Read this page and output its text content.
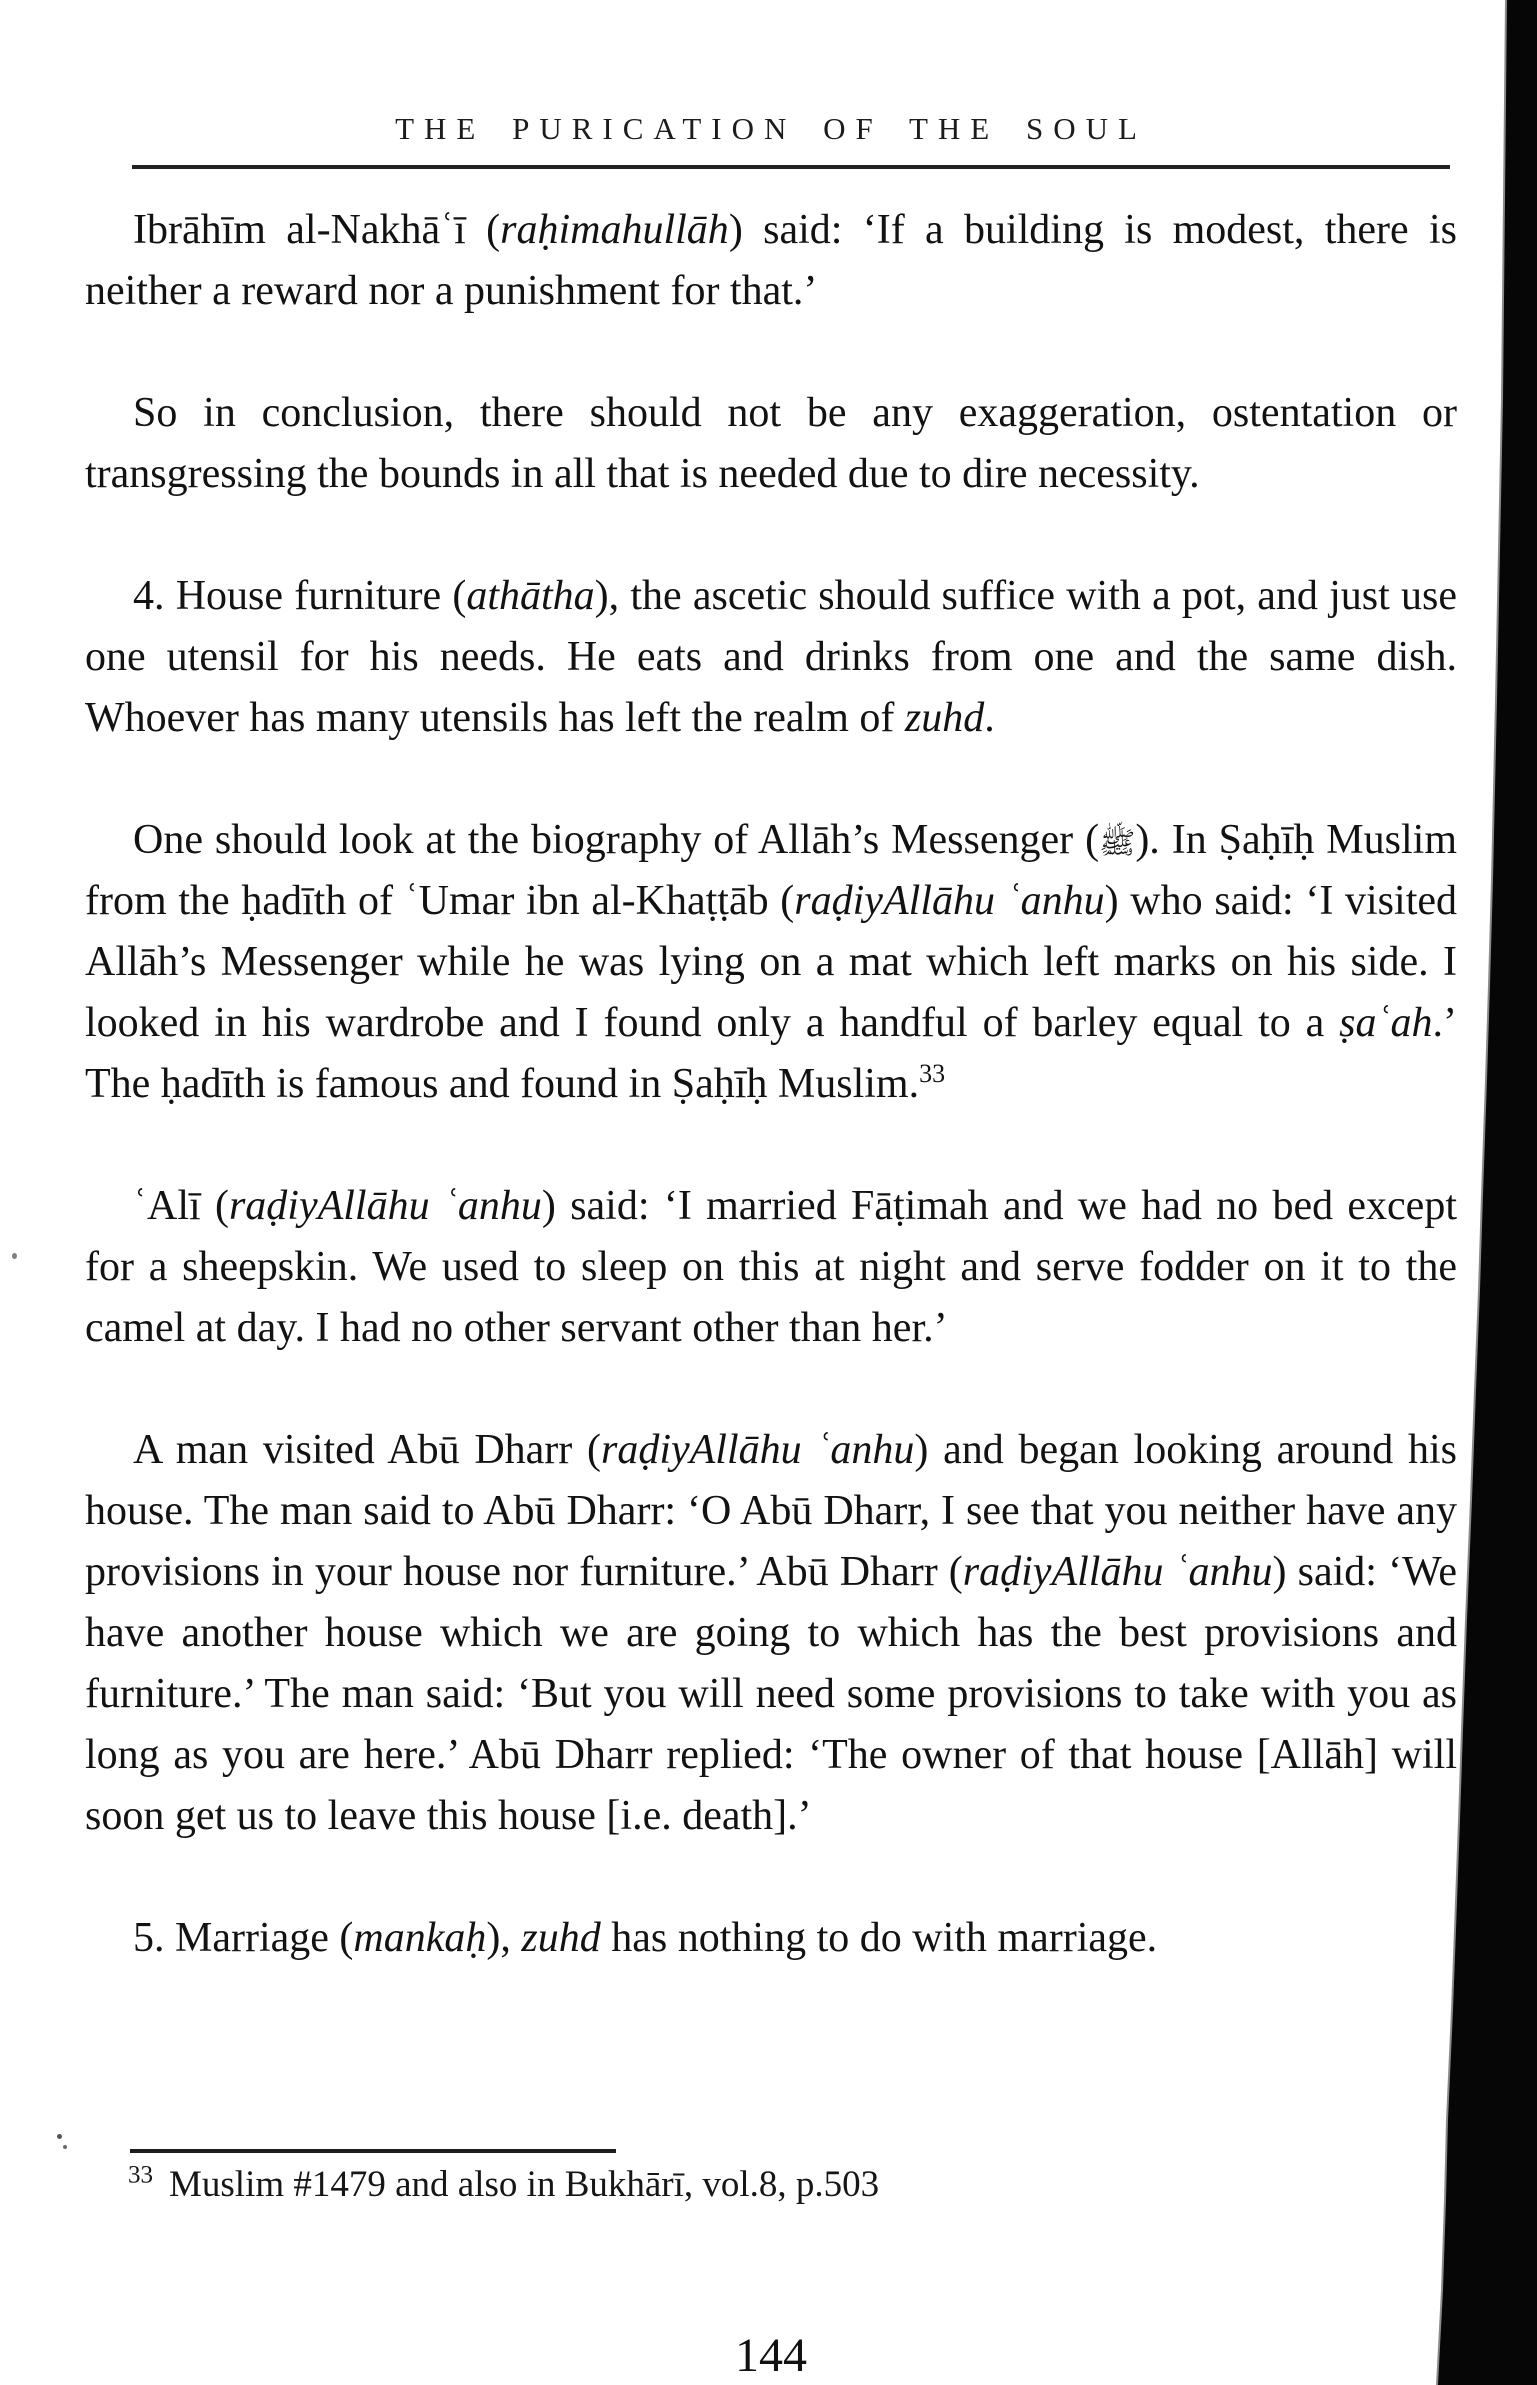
THE PURICATION OF THE SOUL

Ibrāhīm al-Nakhāʿī (raḥimahullāh) said: ‘If a building is modest, there is neither a reward nor a punishment for that.’

So in conclusion, there should not be any exaggeration, ostentation or transgressing the bounds in all that is needed due to dire necessity.

4. House furniture (athātha), the ascetic should suffice with a pot, and just use one utensil for his needs. He eats and drinks from one and the same dish. Whoever has many utensils has left the realm of zuhd.

One should look at the biography of Allāh’s Messenger (ﷺ). In Ṣaḥīḥ Muslim from the ḥadīth of ʿUmar ibn al-Khaṭṭāb (raḍiyAllāhu ʿanhu) who said: ‘I visited Allāh’s Messenger while he was lying on a mat which left marks on his side. I looked in his wardrobe and I found only a handful of barley equal to a ṣaʿah.’ The ḥadīth is famous and found in Ṣaḥīḥ Muslim.$^{33}$

ʿAlī (raḍiyAllāhu ʿanhu) said: ‘I married Fāṭimah and we had no bed except for a sheepskin. We used to sleep on this at night and serve fodder on it to the camel at day. I had no other servant other than her.’

A man visited Abū Dharr (raḍiyAllāhu ʿanhu) and began looking around his house. The man said to Abū Dharr: ‘O Abū Dharr, I see that you neither have any provisions in your house nor furniture.’ Abū Dharr (raḍiyAllāhu ʿanhu) said: ‘We have another house which we are going to which has the best provisions and furniture.’ The man said: ‘But you will need some provisions to take with you as long as you are here.’ Abū Dharr replied: ‘The owner of that house [Allāh] will soon get us to leave this house [i.e. death].’

5. Marriage (mankaḥ), zuhd has nothing to do with marriage.

$^{33}$ Muslim #1479 and also in Bukhārī, vol.8, p.503
144
